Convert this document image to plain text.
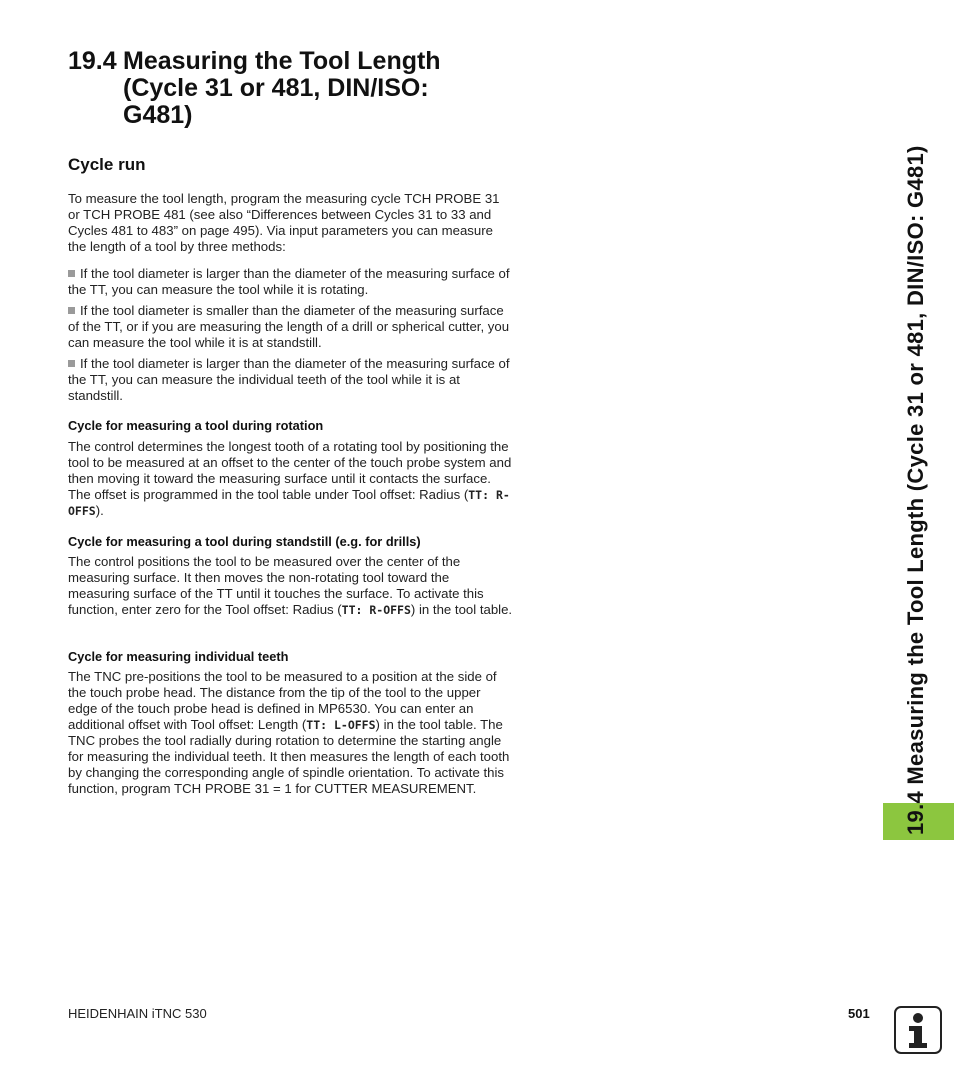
19.4 Measuring the Tool Length
(Cycle 31 or 481, DIN/ISO:
G481)
Cycle run

To measure the tool length, program the measuring cycle TCH PROBE 31 or TCH PROBE 481 (see also “Differences between Cycles 31 to 33 and Cycles 481 to 483” on page 495). Via input parameters you can measure the length of a tool by three methods:

If the tool diameter is larger than the diameter of the measuring surface of the TT, you can measure the tool while it is rotating.
If the tool diameter is smaller than the diameter of the measuring surface of the TT, or if you are measuring the length of a drill or spherical cutter, you can measure the tool while it is at standstill.
If the tool diameter is larger than the diameter of the measuring surface of the TT, you can measure the individual teeth of the tool while it is at standstill.
Cycle for measuring a tool during rotation

The control determines the longest tooth of a rotating tool by positioning the tool to be measured at an offset to the center of the touch probe system and then moving it toward the measuring surface until it contacts the surface. The offset is programmed in the tool table under Tool offset: Radius (TT: R-OFFS).

Cycle for measuring a tool during standstill (e.g. for drills)

The control positions the tool to be measured over the center of the measuring surface. It then moves the non-rotating tool toward the measuring surface of the TT until it touches the surface. To activate this function, enter zero for the Tool offset: Radius (TT: R-OFFS) in the tool table.

Cycle for measuring individual teeth

The TNC pre-positions the tool to be measured to a position at the side of the touch probe head. The distance from the tip of the tool to the upper edge of the touch probe head is defined in MP6530. You can enter an additional offset with Tool offset: Length (TT: L-OFFS) in the tool table. The TNC probes the tool radially during rotation to determine the starting angle for measuring the individual teeth. It then measures the length of each tooth by changing the corresponding angle of spindle orientation. To activate this function, program TCH PROBE 31 = 1 for CUTTER MEASUREMENT.	19.4 Measuring the Tool Length (Cycle 31 or 481, DIN/ISO: G481)
HEIDENHAIN iTNC 530	501
